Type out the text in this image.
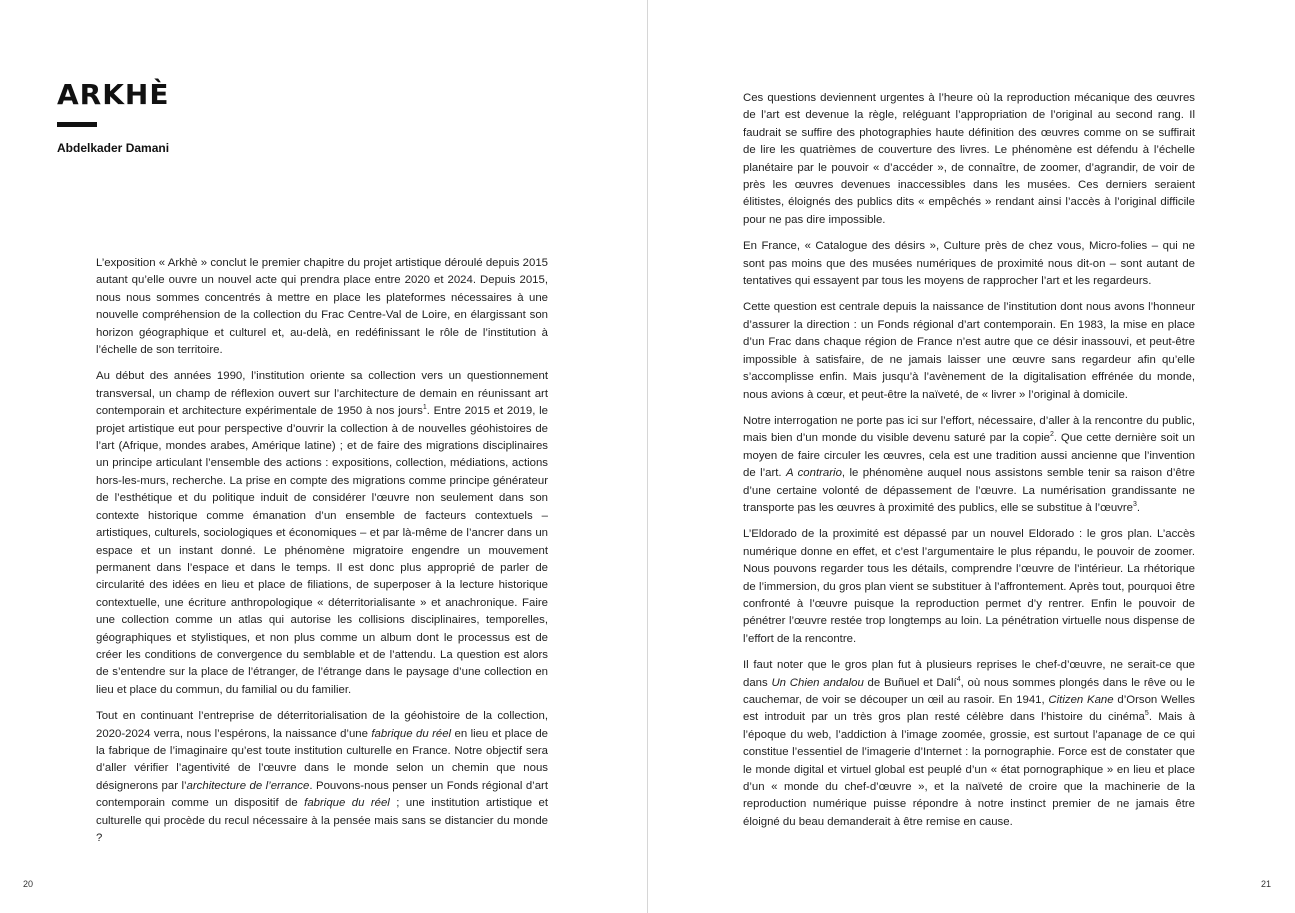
ARKHÈ
Abdelkader Damani

L’exposition « Arkhè » conclut le premier chapitre du projet artistique déroulé depuis 2015 autant qu’elle ouvre un nouvel acte qui prendra place entre 2020 et 2024. Depuis 2015, nous nous sommes concentrés à mettre en place les plateformes nécessaires à une nouvelle compréhension de la collection du Frac Centre-Val de Loire, en élargissant son horizon géographique et culturel et, au-delà, en redéfinissant le rôle de l’institution à l’échelle de son territoire.

Au début des années 1990, l’institution oriente sa collection vers un questionnement transversal, un champ de réflexion ouvert sur l’architecture de demain en réunissant art contemporain et architecture expérimentale de 1950 à nos jours$^1$. Entre 2015 et 2019, le projet artistique eut pour perspective d’ouvrir la collection à de nouvelles géohistoires de l’art (Afrique, mondes arabes, Amérique latine) ; et de faire des migrations disciplinaires un principe articulant l’ensemble des actions : expositions, collection, médiations, actions hors-les-murs, recherche. La prise en compte des migrations comme principe générateur de l’esthétique et du politique induit de considérer l’œuvre non seulement dans son contexte historique comme émanation d’un ensemble de facteurs contextuels – artistiques, culturels, sociologiques et économiques – et par là-même de l’ancrer dans un espace et un instant donné. Le phénomène migratoire engendre un mouvement permanent dans l’espace et dans le temps. Il est donc plus approprié de parler de circularité des idées en lieu et place de filiations, de superposer à la lecture historique contextuelle, une écriture anthropologique « déterritorialisante » et anachronique. Faire une collection comme un atlas qui autorise les collisions disciplinaires, temporelles, géographiques et stylistiques, et non plus comme un album dont le processus est de créer les conditions de convergence du semblable et de l’attendu. La question est alors de s’entendre sur la place de l’étranger, de l’étrange dans le paysage d’une collection en lieu et place du commun, du familial ou du familier.

Tout en continuant l’entreprise de déterritorialisation de la géohistoire de la collection, 2020-2024 verra, nous l’espérons, la naissance d’une fabrique du réel en lieu et place de la fabrique de l’imaginaire qu’est toute institution culturelle en France. Notre objectif sera d’aller vérifier l’agentivité de l’œuvre dans le monde selon un chemin que nous désignerons par l’architecture de l’errance. Pouvons-nous penser un Fonds régional d’art contemporain comme un dispositif de fabrique du réel ; une institution artistique et culturelle qui procède du recul nécessaire à la pensée mais sans se distancier du monde ?

20

Ces questions deviennent urgentes à l’heure où la reproduction mécanique des œuvres de l’art est devenue la règle, reléguant l’appropriation de l’original au second rang. Il faudrait se suffire des photographies haute définition des œuvres comme on se suffirait de lire les quatrièmes de couverture des livres. Le phénomène est défendu à l’échelle planétaire par le pouvoir « d’accéder », de connaître, de zoomer, d’agrandir, de voir de près les œuvres devenues inaccessibles dans les musées. Ces derniers seraient élitistes, éloignés des publics dits « empêchés » rendant ainsi l’accès à l’original difficile pour ne pas dire impossible.

En France, « Catalogue des désirs », Culture près de chez vous, Micro-folies – qui ne sont pas moins que des musées numériques de proximité nous dit-on – sont autant de tentatives qui essayent par tous les moyens de rapprocher l’art et les regardeurs.

Cette question est centrale depuis la naissance de l’institution dont nous avons l’honneur d’assurer la direction : un Fonds régional d’art contemporain. En 1983, la mise en place d’un Frac dans chaque région de France n’est autre que ce désir inassouvi, et peut-être impossible à satisfaire, de ne jamais laisser une œuvre sans regardeur afin qu’elle s’accomplisse enfin. Mais jusqu’à l’avènement de la digitalisation effrénée du monde, nous avions à cœur, et peut-être la naïveté, de « livrer » l’original à domicile.

Notre interrogation ne porte pas ici sur l’effort, nécessaire, d’aller à la rencontre du public, mais bien d’un monde du visible devenu saturé par la copie$^2$. Que cette dernière soit un moyen de faire circuler les œuvres, cela est une tradition aussi ancienne que l’invention de l’art. A contrario, le phénomène auquel nous assistons semble tenir sa raison d’être d’une certaine volonté de dépassement de l’œuvre. La numérisation grandissante ne transporte pas les œuvres à proximité des publics, elle se substitue à l’œuvre$^3$.

L’Eldorado de la proximité est dépassé par un nouvel Eldorado : le gros plan. L’accès numérique donne en effet, et c’est l’argumentaire le plus répandu, le pouvoir de zoomer. Nous pouvons regarder tous les détails, comprendre l’œuvre de l’intérieur. La rhétorique de l’immersion, du gros plan vient se substituer à l’affrontement. Après tout, pourquoi être confronté à l’œuvre puisque la reproduction permet d’y rentrer. Enfin le pouvoir de pénétrer l’œuvre restée trop longtemps au loin. La pénétration virtuelle nous dispense de l’effort de la rencontre.

Il faut noter que le gros plan fut à plusieurs reprises le chef-d’œuvre, ne serait-ce que dans Un Chien andalou de Buñuel et Dalí$^4$, où nous sommes plongés dans le rêve ou le cauchemar, de voir se découper un œil au rasoir. En 1941, Citizen Kane d’Orson Welles est introduit par un très gros plan resté célèbre dans l’histoire du cinéma$^5$. Mais à l’époque du web, l’addiction à l’image zoomée, grossie, est surtout l’apanage de ce qui constitue l’essentiel de l’imagerie d’Internet : la pornographie. Force est de constater que le monde digital et virtuel global est peuplé d’un « état pornographique » en lieu et place d’un « monde du chef-d’œuvre », et la naïveté de croire que la machinerie de la reproduction numérique puisse répondre à notre instinct premier de ne jamais être éloigné du beau demanderait à être remise en cause.

21
